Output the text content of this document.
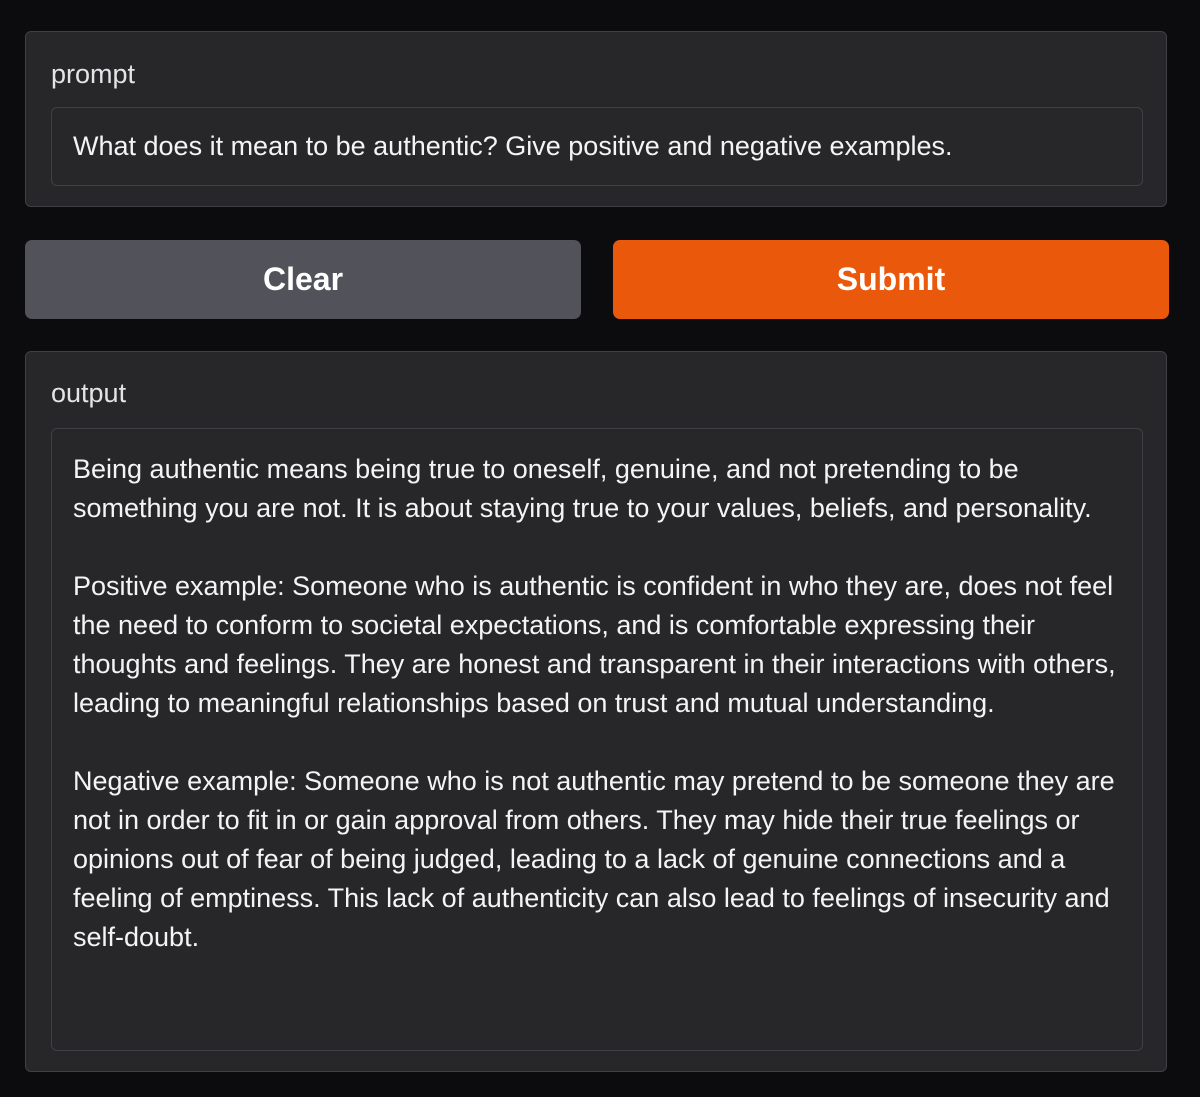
prompt
What does it mean to be authentic? Give positive and negative examples.
Clear	Submit
output
Being authentic means being true to oneself, genuine, and not pretending to be something you are not. It is about staying true to your values, beliefs, and personality.

Positive example: Someone who is authentic is confident in who they are, does not feel the need to conform to societal expectations, and is comfortable expressing their thoughts and feelings. They are honest and transparent in their interactions with others, leading to meaningful relationships based on trust and mutual understanding.

Negative example: Someone who is not authentic may pretend to be someone they are not in order to fit in or gain approval from others. They may hide their true feelings or opinions out of fear of being judged, leading to a lack of genuine connections and a feeling of emptiness. This lack of authenticity can also lead to feelings of insecurity and self-doubt.
